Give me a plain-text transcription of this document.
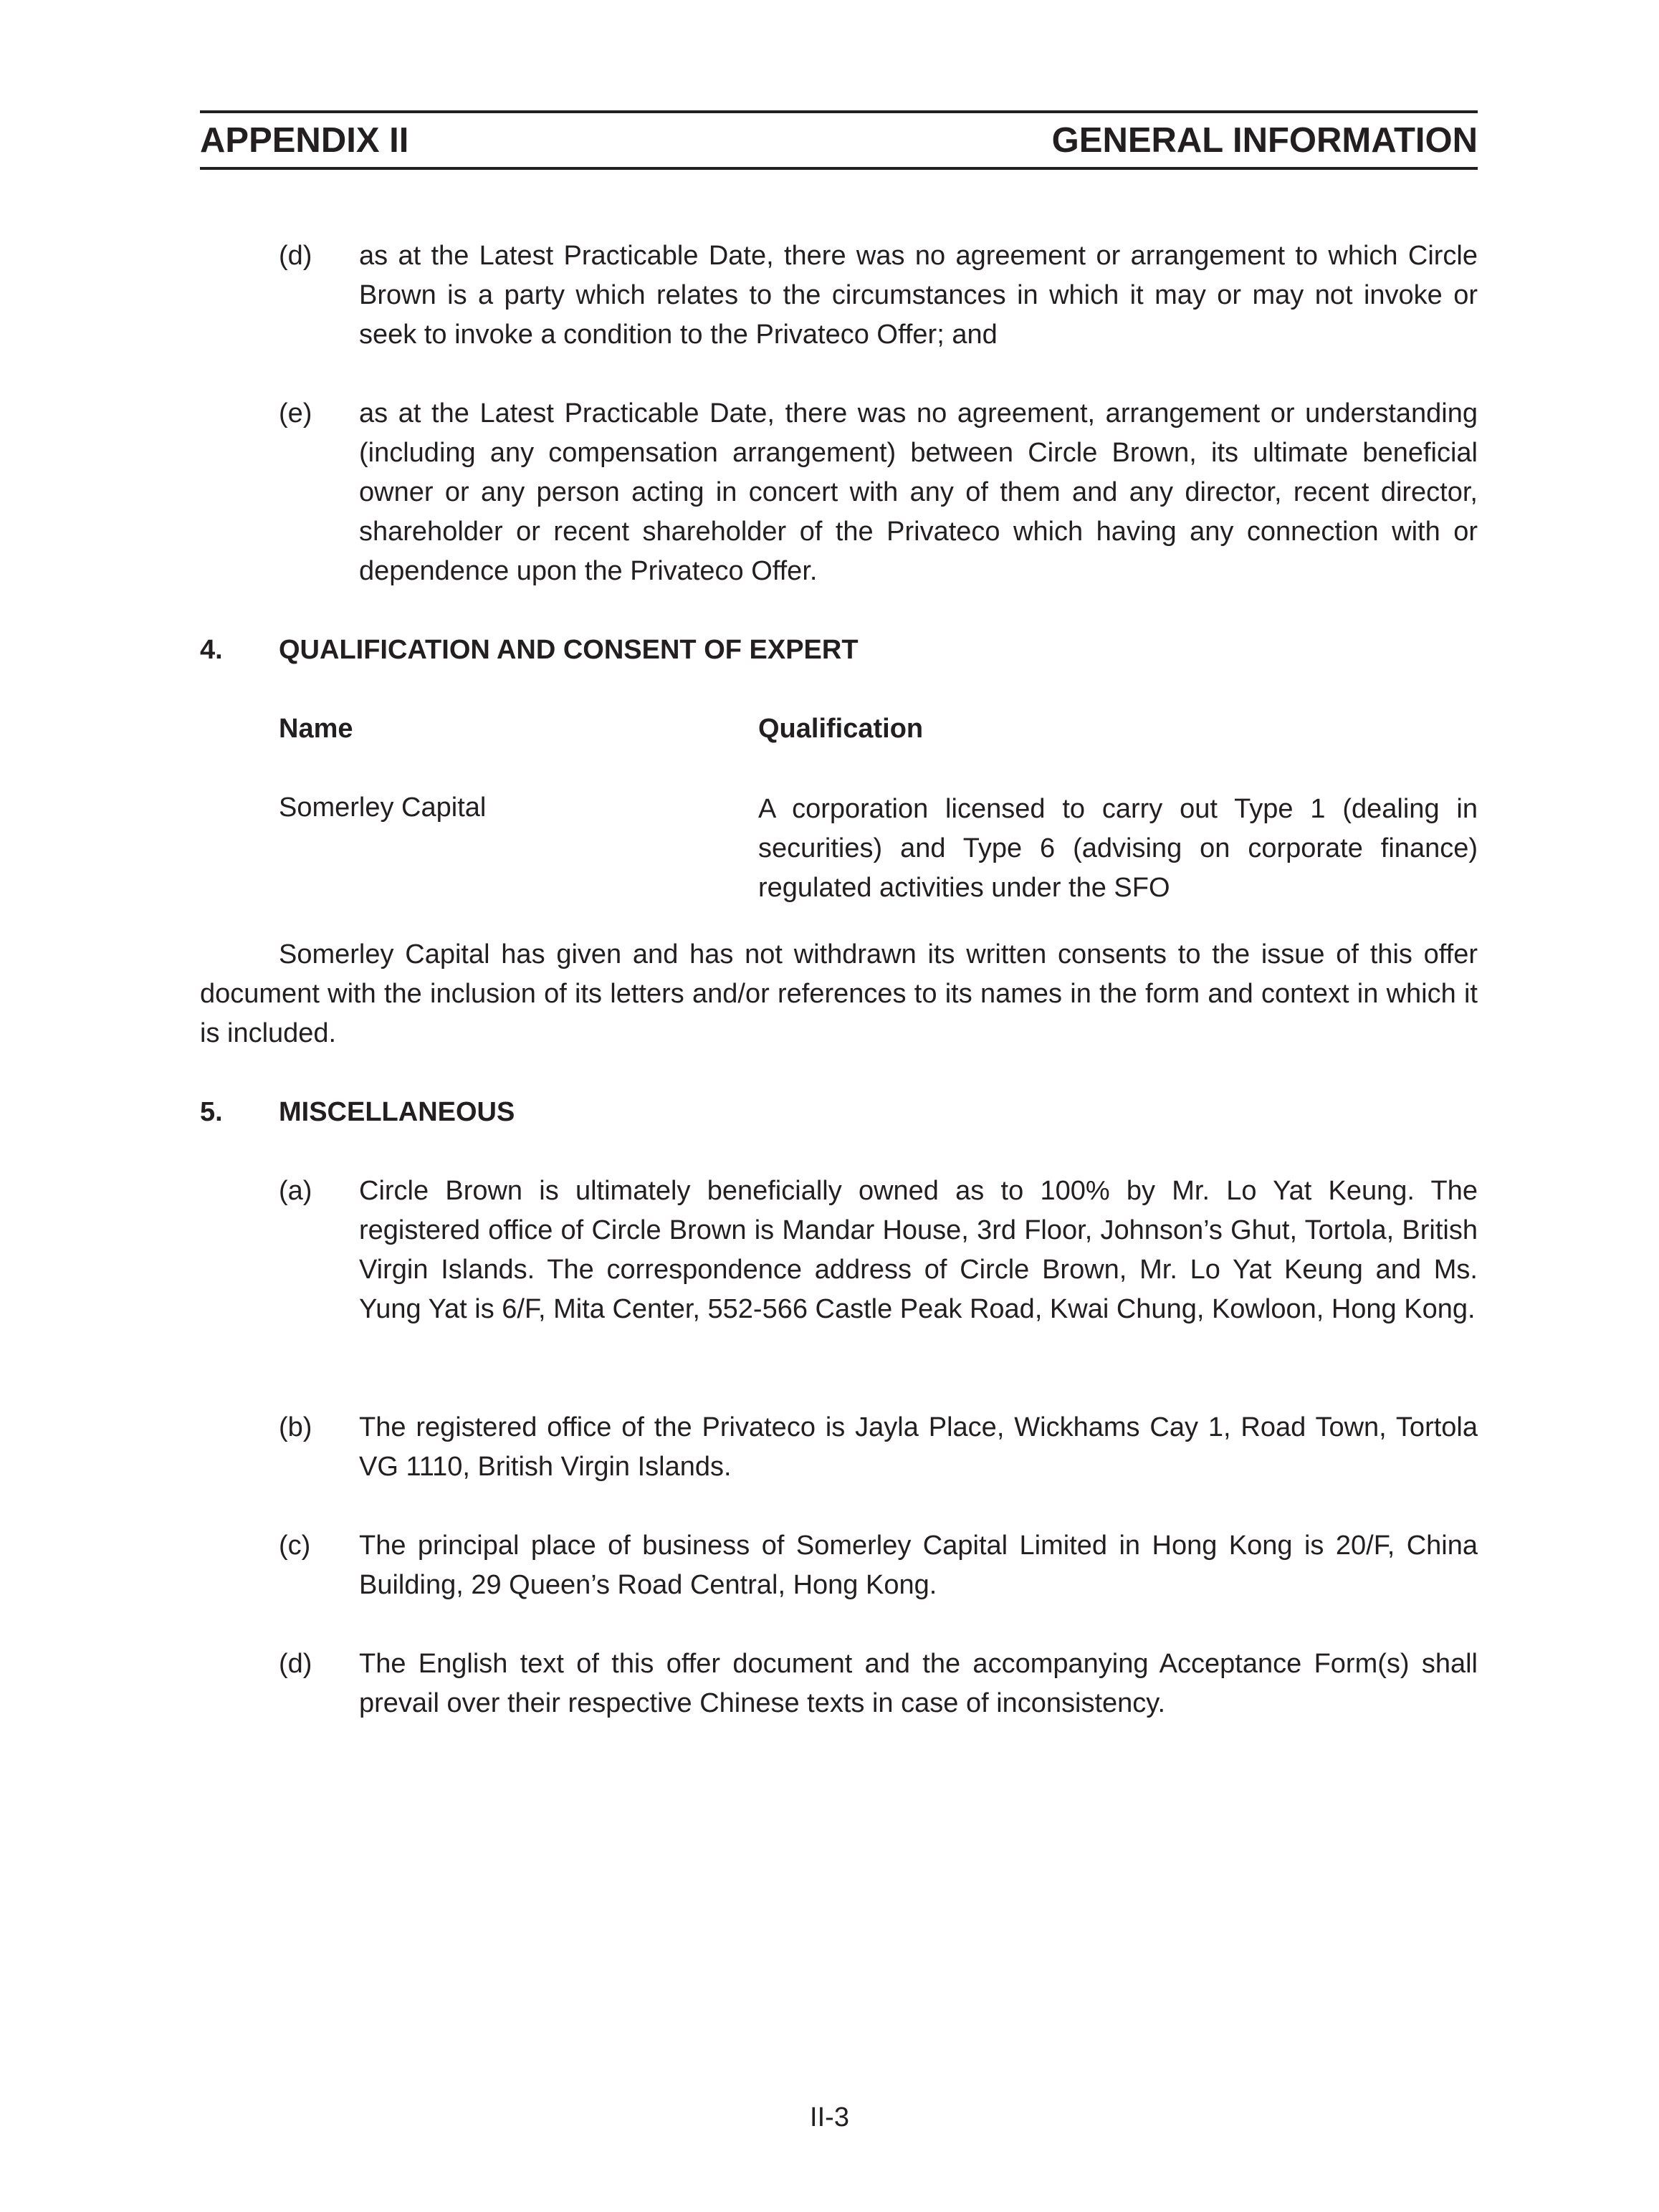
APPENDIX II	GENERAL INFORMATION
(d) as at the Latest Practicable Date, there was no agreement or arrangement to which Circle Brown is a party which relates to the circumstances in which it may or may not invoke or seek to invoke a condition to the Privateco Offer; and
(e) as at the Latest Practicable Date, there was no agreement, arrangement or understanding (including any compensation arrangement) between Circle Brown, its ultimate beneficial owner or any person acting in concert with any of them and any director, recent director, shareholder or recent shareholder of the Privateco which having any connection with or dependence upon the Privateco Offer.
4. QUALIFICATION AND CONSENT OF EXPERT
Name	Qualification
Somerley Capital	A corporation licensed to carry out Type 1 (dealing in securities) and Type 6 (advising on corporate finance) regulated activities under the SFO
Somerley Capital has given and has not withdrawn its written consents to the issue of this offer document with the inclusion of its letters and/or references to its names in the form and context in which it is included.
5. MISCELLANEOUS
(a) Circle Brown is ultimately beneficially owned as to 100% by Mr. Lo Yat Keung. The registered office of Circle Brown is Mandar House, 3rd Floor, Johnson’s Ghut, Tortola, British Virgin Islands. The correspondence address of Circle Brown, Mr. Lo Yat Keung and Ms. Yung Yat is 6/F, Mita Center, 552-566 Castle Peak Road, Kwai Chung, Kowloon, Hong Kong.
(b) The registered office of the Privateco is Jayla Place, Wickhams Cay 1, Road Town, Tortola VG 1110, British Virgin Islands.
(c) The principal place of business of Somerley Capital Limited in Hong Kong is 20/F, China Building, 29 Queen’s Road Central, Hong Kong.
(d) The English text of this offer document and the accompanying Acceptance Form(s) shall prevail over their respective Chinese texts in case of inconsistency.
II-3
